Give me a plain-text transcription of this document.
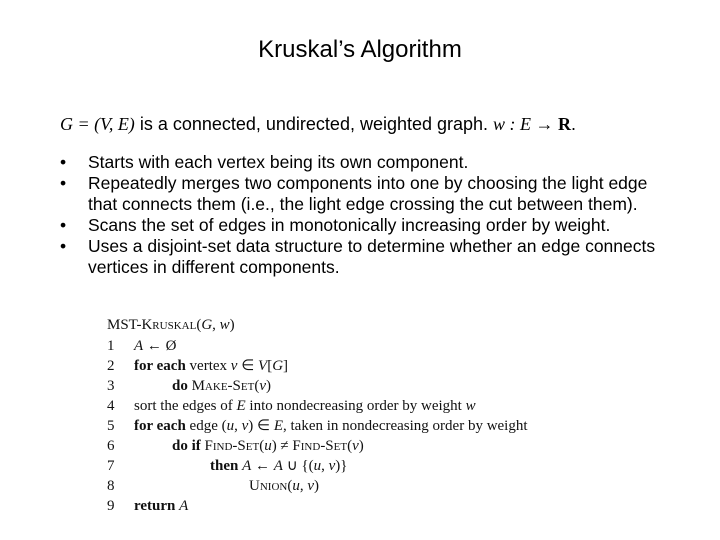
Kruskal’s Algorithm
G = (V, E) is a connected, undirected, weighted graph. w : E → R.
• Starts with each vertex being its own component.
• Repeatedly merges two components into one by choosing the light edge
that connects them (i.e., the light edge crossing the cut between them).
• Scans the set of edges in monotonically increasing order by weight.
• Uses a disjoint-set data structure to determine whether an edge connects
vertices in different components.
MST-Kruskal(G, w)
1	A ← Ø
2	for each vertex v ∈ V[G]
3	do Make-Set(v)
4	sort the edges of E into nondecreasing order by weight w
5	for each edge (u, v) ∈ E, taken in nondecreasing order by weight
6	do if Find-Set(u) ≠ Find-Set(v)
7	then A ← A ∪ {(u, v)}
8	Union(u, v)
9	return A
